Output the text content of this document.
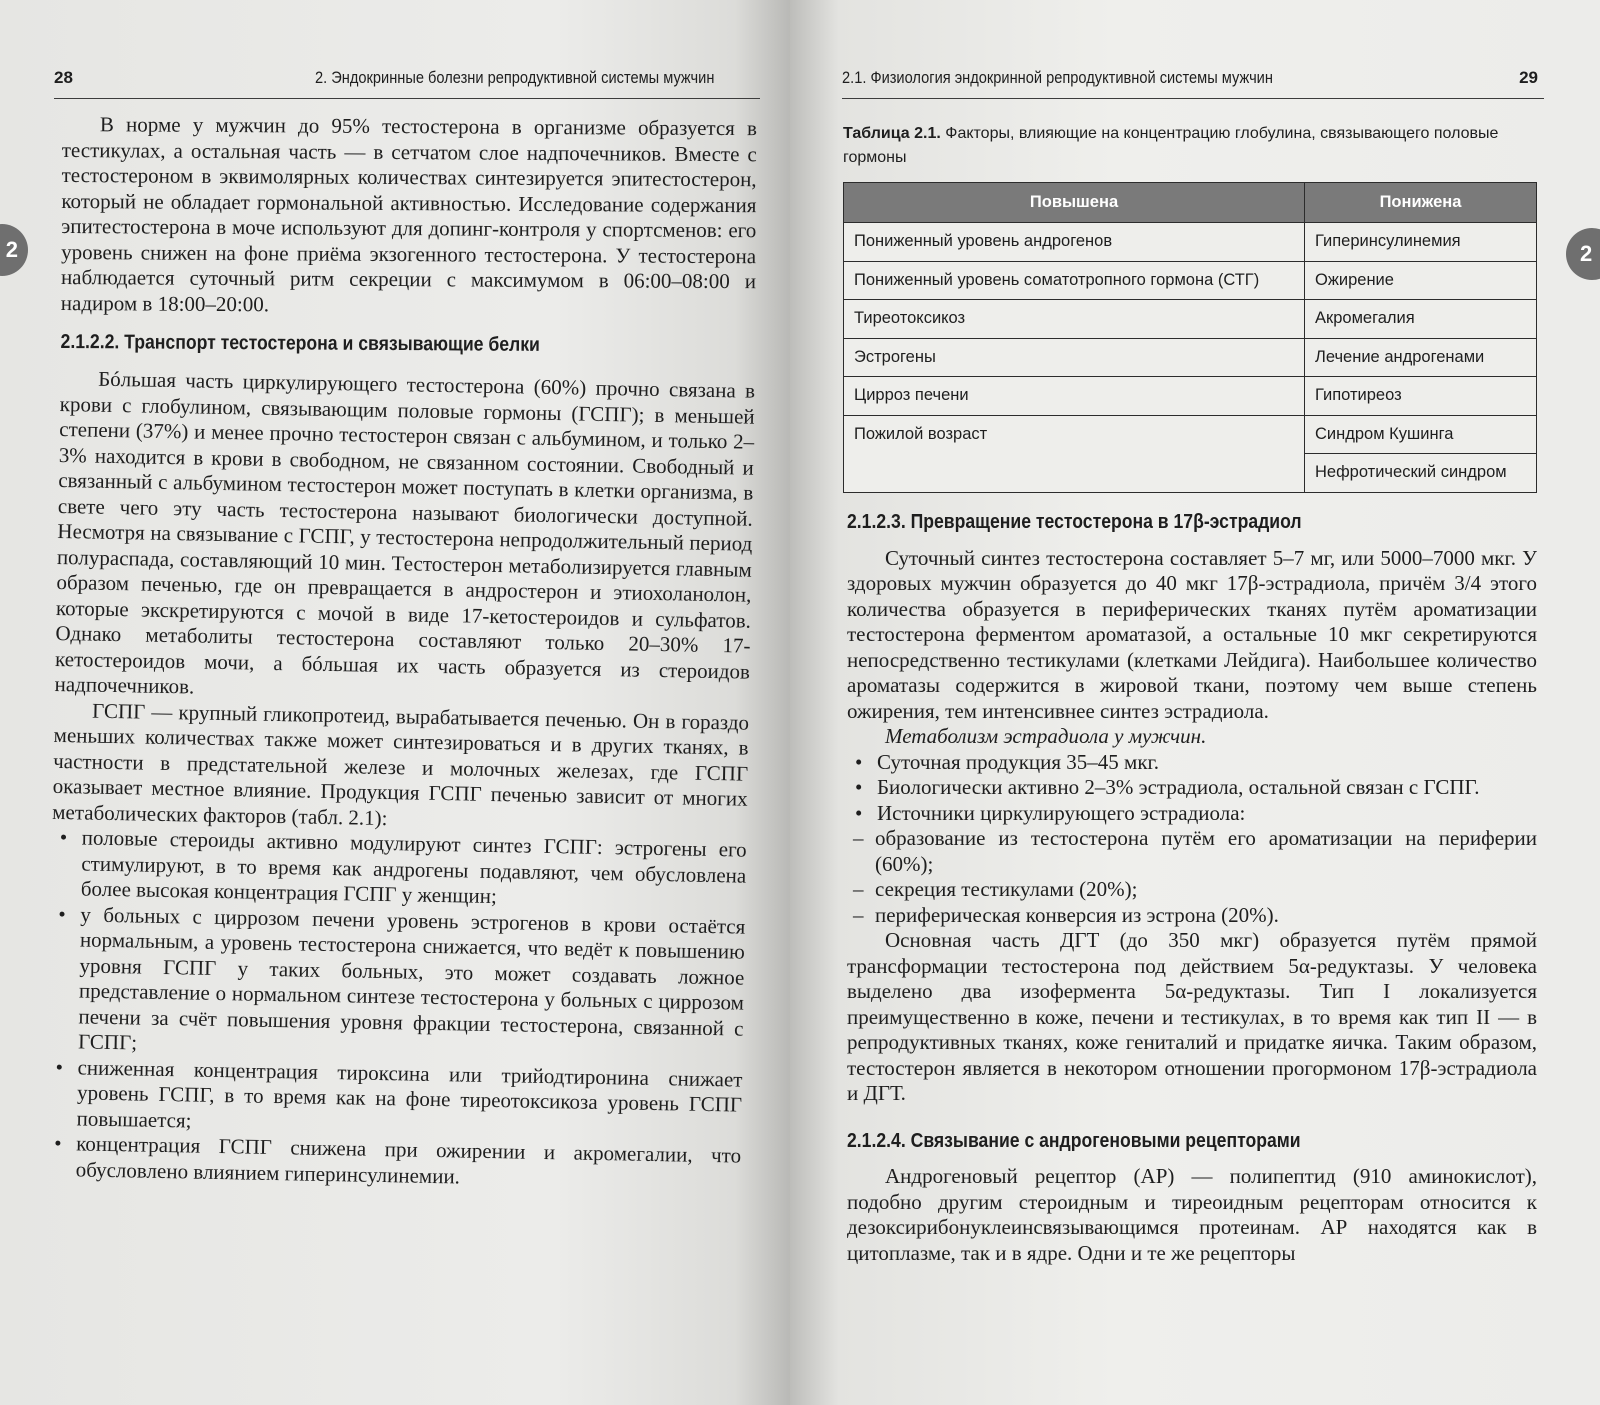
28	2. Эндокринные болезни репродуктивной системы мужчин
2

В норме у мужчин до 95% тестостерона в организме образуется в тестикулах, а остальная часть — в сетчатом слое надпочечников. Вместе с тестостероном в эквимолярных количествах синтезируется эпитестостерон, который не обладает гормональной активностью. Исследование содержания эпитестостерона в моче используют для допинг-контроля у спортсменов: его уровень снижен на фоне приёма экзогенного тестостерона. У тестостерона наблюдается суточный ритм секреции с максимумом в 06:00–08:00 и надиром в 18:00–20:00.

2.1.2.2. Транспорт тестостерона и связывающие белки

Бóльшая часть циркулирующего тестостерона (60%) прочно связана в крови с глобулином, связывающим половые гормоны (ГСПГ); в меньшей степени (37%) и менее прочно тестостерон связан с альбумином, и только 2–3% находится в крови в свободном, не связанном состоянии. Свободный и связанный с альбумином тестостерон может поступать в клетки организма, в свете чего эту часть тестостерона называют биологически доступной. Несмотря на связывание с ГСПГ, у тестостерона непродолжительный период полураспада, составляющий 10 мин. Тестостерон метаболизируется главным образом печенью, где он превращается в андростерон и этиохоланолон, которые экскретируются с мочой в виде 17-кетостероидов и сульфатов. Однако метаболиты тестостерона составляют только 20–30% 17-кетостероидов мочи, а бóльшая их часть образуется из стероидов надпочечников.

ГСПГ — крупный гликопротеид, вырабатывается печенью. Он в гораздо меньших количествах также может синтезироваться и в других тканях, в частности в предстательной железе и молочных железах, где ГСПГ оказывает местное влияние. Продукция ГСПГ печенью зависит от многих метаболических факторов (табл. 2.1):

• половые стероиды активно модулируют синтез ГСПГ: эстрогены его стимулируют, в то время как андрогены подавляют, чем обусловлена более высокая концентрация ГСПГ у женщин;
• у больных с циррозом печени уровень эстрогенов в крови остаётся нормальным, а уровень тестостерона снижается, что ведёт к повышению уровня ГСПГ у таких больных, это может создавать ложное представление о нормальном синтезе тестостерона у больных с циррозом печени за счёт повышения уровня фракции тестостерона, связанной с ГСПГ;
• сниженная концентрация тироксина или трийодтиронина снижает уровень ГСПГ, в то время как на фоне тиреотоксикоза уровень ГСПГ повышается;
• концентрация ГСПГ снижена при ожирении и акромегалии, что обусловлено влиянием гиперинсулинемии.
2.1. Физиология эндокринной репродуктивной системы мужчин	29
2
Таблица 2.1. Факторы, влияющие на концентрацию глобулина, связывающего половые гормоны
Повышена	Понижена
Пониженный уровень андрогенов	Гиперинсулинемия
Пониженный уровень соматотропного гормона (СТГ)	Ожирение
Тиреотоксикоз	Акромегалия
Эстрогены	Лечение андрогенами
Цирроз печени	Гипотиреоз
Пожилой возраст	Синдром Кушинга
	Нефротический синдром
2.1.2.3. Превращение тестостерона в 17β-эстрадиол

Суточный синтез тестостерона составляет 5–7 мг, или 5000–7000 мкг. У здоровых мужчин образуется до 40 мкг 17β-эстрадиола, причём 3/4 этого количества образуется в периферических тканях путём ароматизации тестостерона ферментом ароматазой, а остальные 10 мкг секретируются непосредственно тестикулами (клетками Лейдига). Наибольшее количество ароматазы содержится в жировой ткани, поэтому чем выше степень ожирения, тем интенсивнее синтез эстрадиола.

Метаболизм эстрадиола у мужчин.

• Суточная продукция 35–45 мкг.
• Биологически активно 2–3% эстрадиола, остальной связан с ГСПГ.
• Источники циркулирующего эстрадиола:
– образование из тестостерона путём его ароматизации на периферии (60%);
– секреция тестикулами (20%);
– периферическая конверсия из эстрона (20%).

Основная часть ДГТ (до 350 мкг) образуется путём прямой трансформации тестостерона под действием 5α-редуктазы. У человека выделено два изофермента 5α-редуктазы. Тип I локализуется преимущественно в коже, печени и тестикулах, в то время как тип II — в репродуктивных тканях, коже гениталий и придатке яичка. Таким образом, тестостерон является в некотором отношении прогормоном 17β-эстрадиола и ДГТ.

2.1.2.4. Связывание с андрогеновыми рецепторами

Андрогеновый рецептор (АР) — полипептид (910 аминокислот), подобно другим стероидным и тиреоидным рецепторам относится к дезоксирибонуклеинсвязывающимся протеинам. АР находятся как в цитоплазме, так и в ядре. Одни и те же рецепторы
